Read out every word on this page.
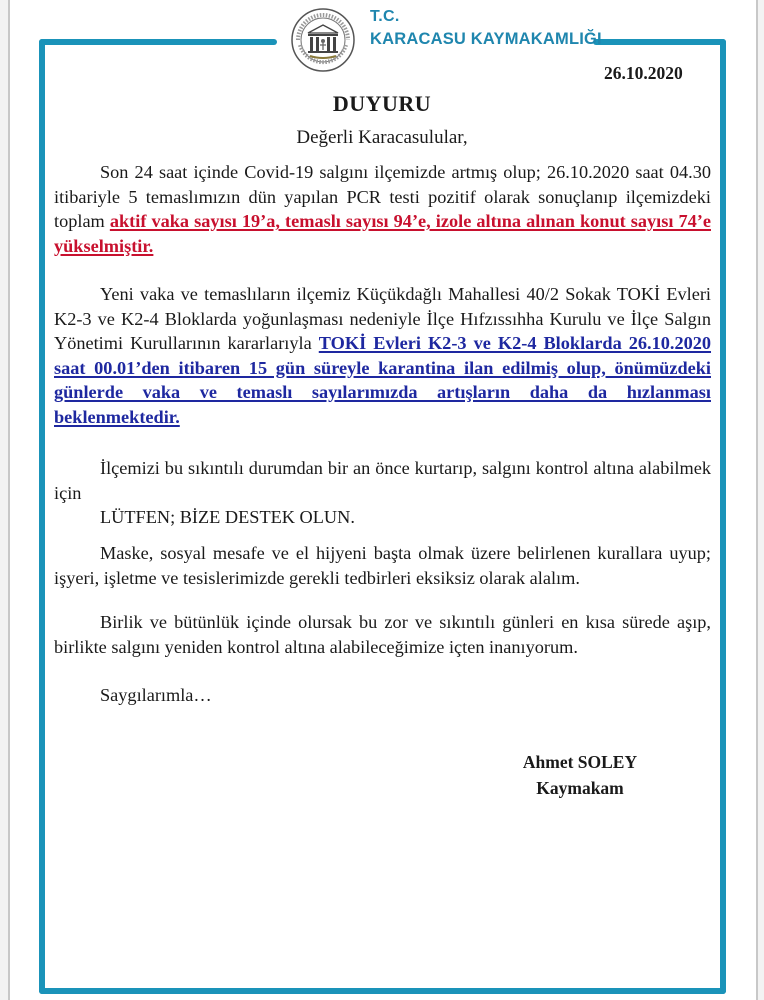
T.C.
KARACASU KAYMAKAMLIĞI
26.10.2020
DUYURU
Değerli Karacasulular,
Son 24 saat içinde Covid-19 salgını ilçemizde artmış olup; 26.10.2020 saat 04.30 itibariyle 5 temaslımızın dün yapılan PCR testi pozitif olarak sonuçlanıp ilçemizdeki toplam aktif vaka sayısı 19’a, temaslı sayısı 94’e, izole altına alınan konut sayısı 74’e yükselmiştir.
Yeni vaka ve temaslıların ilçemiz Küçükdağlı Mahallesi 40/2 Sokak TOKİ Evleri K2-3 ve K2-4 Bloklarda yoğunlaşması nedeniyle İlçe Hıfzıssıhha Kurulu ve İlçe Salgın Yönetimi Kurullarının kararlarıyla TOKİ Evleri K2-3 ve K2-4 Bloklarda 26.10.2020 saat 00.01’den itibaren 15 gün süreyle karantina ilan edilmiş olup, önümüzdeki günlerde vaka ve temaslı sayılarımızda artışların daha da hızlanması beklenmektedir.
İlçemizi bu sıkıntılı durumdan bir an önce kurtarıp, salgını kontrol altına alabilmek için
LÜTFEN; BİZE DESTEK OLUN.
Maske, sosyal mesafe ve el hijyeni başta olmak üzere belirlenen kurallara uyup; işyeri, işletme ve tesislerimizde gerekli tedbirleri eksiksiz olarak alalım.
Birlik ve bütünlük içinde olursak bu zor ve sıkıntılı günleri en kısa sürede aşıp, birlikte salgını yeniden kontrol altına alabileceğimize içten inanıyorum.
Saygılarımla…
Ahmet SOLEY
Kaymakam
